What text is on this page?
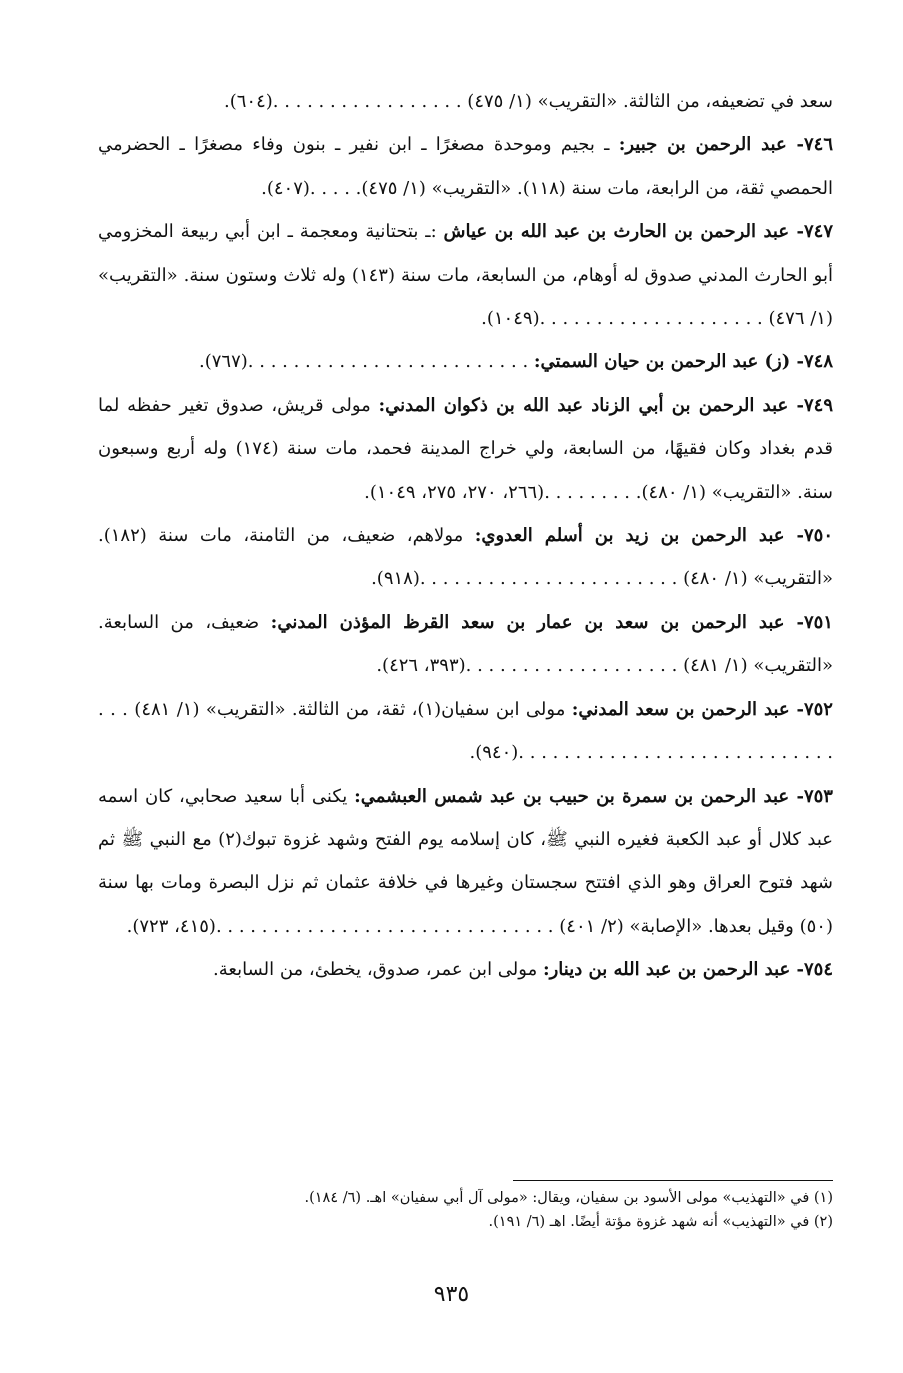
سعد في تضعيفه، من الثالثة. «التقريب» (١/ ٤٧٥) . . . . . . . . . . . . . . . . .(٦٠٤).

٧٤٦- عبد الرحمن بن جبير: ـ بجيم وموحدة مصغرًا ـ ابن نفير ـ بنون وفاء مصغرًا ـ الحضرمي الحمصي ثقة، من الرابعة، مات سنة (١١٨). «التقريب» (١/ ٤٧٥). . . . .(٤٠٧).

٧٤٧- عبد الرحمن بن الحارث بن عبد الله بن عياش :ـ بتحتانية ومعجمة ـ ابن أبي ربيعة المخزومي أبو الحارث المدني صدوق له أوهام، من السابعة، مات سنة (١٤٣) وله ثلاث وستون سنة. «التقريب» (١/ ٤٧٦) . . . . . . . . . . . . . . . . . . . .(١٠٤٩).

٧٤٨- (ز) عبد الرحمن بن حيان السمتي: . . . . . . . . . . . . . . . . . . . . . . . . .(٧٦٧).

٧٤٩- عبد الرحمن بن أبي الزناد عبد الله بن ذكوان المدني: مولى قريش، صدوق تغير حفظه لما قدم بغداد وكان فقيهًا، من السابعة، ولي خراج المدينة فحمد، مات سنة (١٧٤) وله أربع وسبعون سنة. «التقريب» (١/ ٤٨٠). . . . . . . . .(٢٦٦، ٢٧٠، ٢٧٥، ١٠٤٩).

٧٥٠- عبد الرحمن بن زيد بن أسلم العدوي: مولاهم، ضعيف، من الثامنة، مات سنة (١٨٢). «التقريب» (١/ ٤٨٠) . . . . . . . . . . . . . . . . . . . . . . .(٩١٨).

٧٥١- عبد الرحمن بن سعد بن عمار بن سعد القرظ المؤذن المدني: ضعيف، من السابعة. «التقريب» (١/ ٤٨١) . . . . . . . . . . . . . . . . . . .(٣٩٣، ٤٢٦).

٧٥٢- عبد الرحمن بن سعد المدني: مولى ابن سفيان(١)، ثقة، من الثالثة. «التقريب» (١/ ٤٨١) . . . . . . . . . . . . . . . . . . . . . . . . . . . . . . .(٩٤٠).

٧٥٣- عبد الرحمن بن سمرة بن حبيب بن عبد شمس العبشمي: يكنى أبا سعيد صحابي، كان اسمه عبد كلال أو عبد الكعبة فغيره النبي ﷺ، كان إسلامه يوم الفتح وشهد غزوة تبوك(٢) مع النبي ﷺ ثم شهد فتوح العراق وهو الذي افتتح سجستان وغيرها في خلافة عثمان ثم نزل البصرة ومات بها سنة (٥٠) وقيل بعدها. «الإصابة» (٢/ ٤٠١) . . . . . . . . . . . . . . . . . . . . . . . . . . . . . .(٤١٥، ٧٢٣).

٧٥٤- عبد الرحمن بن عبد الله بن دينار: مولى ابن عمر، صدوق، يخطئ، من السابعة.

(١) في «التهذيب» مولى الأسود بن سفيان، ويقال: «مولى آل أبي سفيان» اهـ. (٦/ ١٨٤).

(٢) في «التهذيب» أنه شهد غزوة مؤتة أيضًا. اهـ (٦/ ١٩١).

٩٣٥
